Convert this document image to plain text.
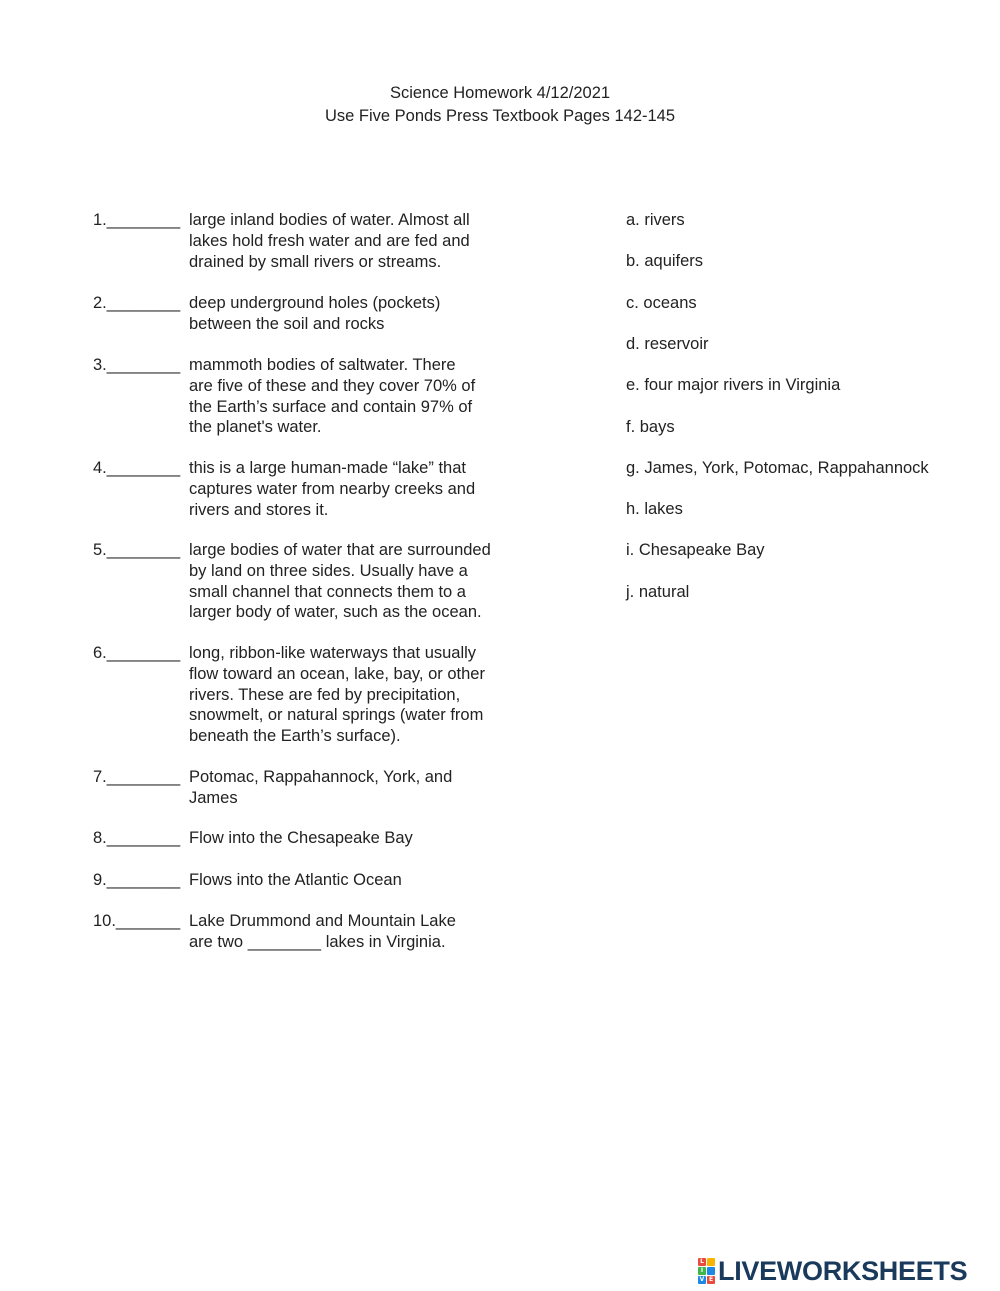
Science Homework 4/12/2021
Use Five Ponds Press Textbook Pages 142-145
1.________ large inland bodies of water. Almost all
lakes hold fresh water and are fed and
drained by small rivers or streams.
2.________ deep underground holes (pockets)
between the soil and rocks
3.________ mammoth bodies of saltwater. There
are five of these and they cover 70% of
the Earth’s surface and contain 97% of
the planet's water.
4.________ this is a large human-made “lake” that
captures water from nearby creeks and
rivers and stores it.
5.________ large bodies of water that are surrounded
by land on three sides. Usually have a
small channel that connects them to a
larger body of water, such as the ocean.
6.________ long, ribbon-like waterways that usually
flow toward an ocean, lake, bay, or other
rivers. These are fed by precipitation,
snowmelt, or natural springs (water from
beneath the Earth’s surface).
7.________ Potomac, Rappahannock, York, and
James
8.________ Flow into the Chesapeake Bay
9.________ Flows into the Atlantic Ocean
10._______ Lake Drummond and Mountain Lake
are two ________ lakes in Virginia.
a. rivers
b. aquifers
c. oceans
d. reservoir
e. four major rivers in Virginia
f. bays
g. James, York, Potomac, Rappahannock
h. lakes
i. Chesapeake Bay
j. natural
L
I
V E LIVEWORKSHEETS
